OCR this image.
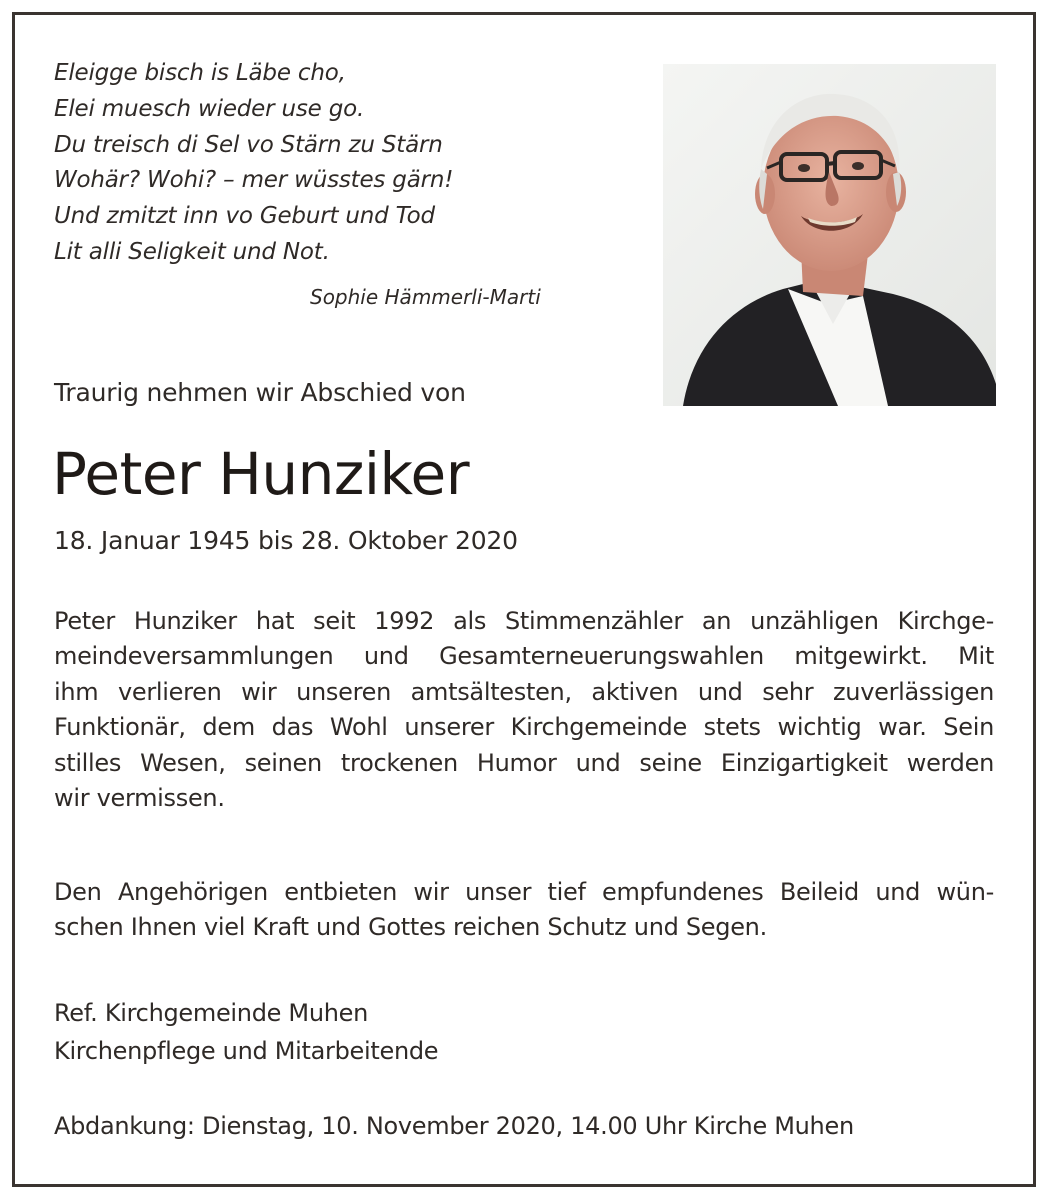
Eleigge bisch is Läbe cho,
Elei muesch wieder use go.
Du treisch di Sel vo Stärn zu Stärn
Wohär? Wohi? – mer wüsstes gärn!
Und zmitzt inn vo Geburt und Tod
Lit alli Seligkeit und Not.
Sophie Hämmerli-Marti
Traurig nehmen wir Abschied von
Peter Hunziker
18. Januar 1945 bis 28. Oktober 2020
Peter Hunziker hat seit 1992 als Stimmenzähler an unzähligen Kirchge-
meindeversammlungen und Gesamterneuerungswahlen mitgewirkt. Mit
ihm verlieren wir unseren amtsältesten, aktiven und sehr zuverlässigen
Funktionär, dem das Wohl unserer Kirchgemeinde stets wichtig war. Sein
stilles Wesen, seinen trockenen Humor und seine Einzigartigkeit werden
wir vermissen.
Den Angehörigen entbieten wir unser tief empfundenes Beileid und wün-
schen Ihnen viel Kraft und Gottes reichen Schutz und Segen.
Ref. Kirchgemeinde Muhen
Kirchenpflege und Mitarbeitende
Abdankung: Dienstag, 10. November 2020, 14.00 Uhr Kirche Muhen
